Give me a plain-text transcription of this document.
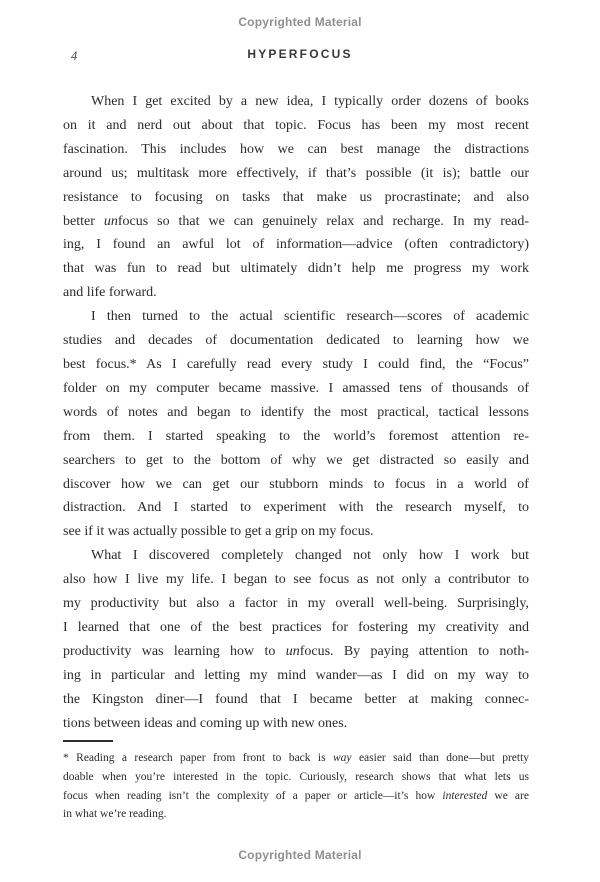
Copyrighted Material
4	HYPERFOCUS
When I get excited by a new idea, I typically order dozens of books
on it and nerd out about that topic. Focus has been my most recent
fascination. This includes how we can best manage the distractions
around us; multitask more effectively, if that’s possible (it is); battle our
resistance to focusing on tasks that make us procrastinate; and also
better unfocus so that we can genuinely relax and recharge. In my read-
ing, I found an awful lot of information—advice (often contradictory)
that was fun to read but ultimately didn’t help me progress my work
and life forward.
I then turned to the actual scientific research—scores of academic
studies and decades of documentation dedicated to learning how we
best focus.* As I carefully read every study I could find, the “Focus”
folder on my computer became massive. I amassed tens of thousands of
words of notes and began to identify the most practical, tactical lessons
from them. I started speaking to the world’s foremost attention re-
searchers to get to the bottom of why we get distracted so easily and
discover how we can get our stubborn minds to focus in a world of
distraction. And I started to experiment with the research myself, to
see if it was actually possible to get a grip on my focus.
What I discovered completely changed not only how I work but
also how I live my life. I began to see focus as not only a contributor to
my productivity but also a factor in my overall well-being. Surprisingly,
I learned that one of the best practices for fostering my creativity and
productivity was learning how to unfocus. By paying attention to noth-
ing in particular and letting my mind wander—as I did on my way to
the Kingston diner—I found that I became better at making connec-
tions between ideas and coming up with new ones.
* Reading a research paper from front to back is way easier said than done—but pretty
doable when you’re interested in the topic. Curiously, research shows that what lets us
focus when reading isn’t the complexity of a paper or article—it’s how interested we are
in what we’re reading.
Copyrighted Material
